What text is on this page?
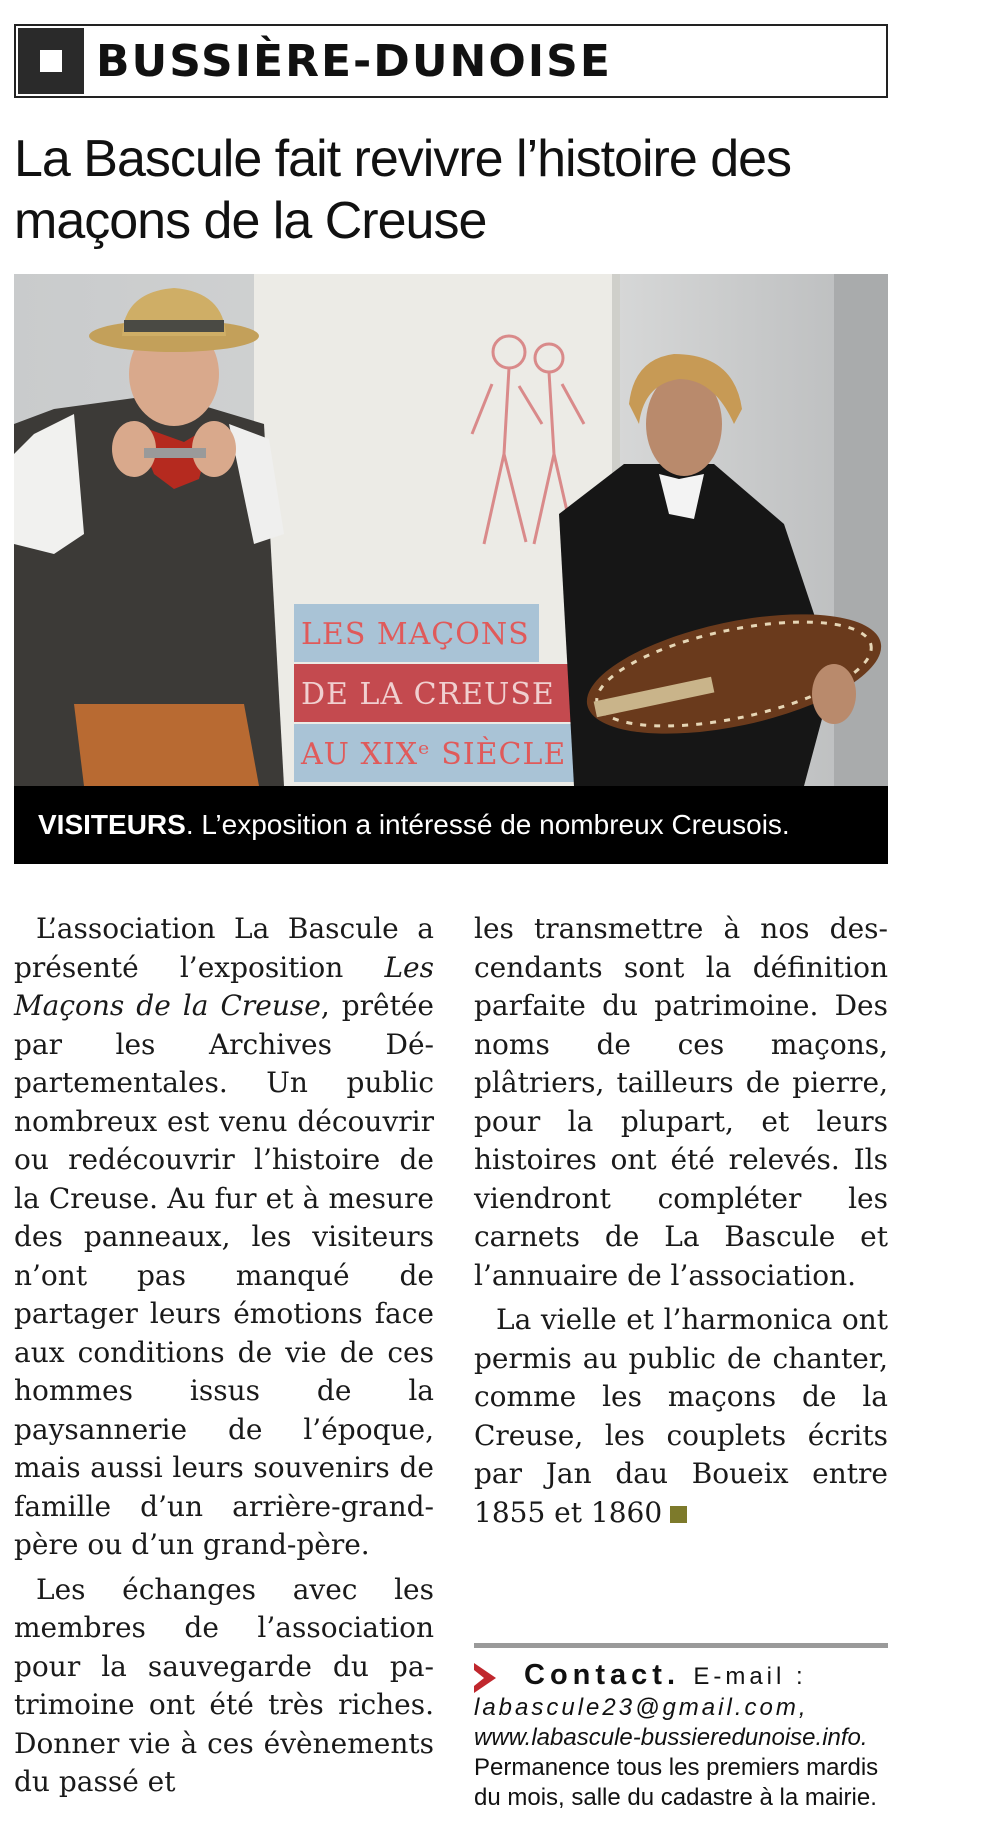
BUSSIÈRE-DUNOISE
La Bascule fait revivre l’histoire des
maçons de la Creuse
LES MAÇONS
DE LA CREUSE
AU XIXᵉ SIÈCLE
VISITEURS. L’exposition a intéressé de nombreux Creusois.

L’association La Bascule a présenté l’exposition Les Maçons de la Creuse, prêtée par les Archives Départementales. Un public nombreux est venu découvrir ou redécouvrir l’histoire de la Creuse. Au fur et à mesure des panneaux, les visiteurs n’ont pas manqué de partager leurs émotions face aux conditions de vie de ces hommes issus de la paysannerie de l’époque, mais aussi leurs souvenirs de famille d’un arrière-grand-père ou d’un grand-père.

Les échanges avec les membres de l’association pour la sauvegarde du patrimoine ont été très riches. Donner vie à ces évènements du passé et

les transmettre à nos descendants sont la définition parfaite du patrimoine. Des noms de ces maçons, plâtriers, tailleurs de pierre, pour la plupart, et leurs histoires ont été relevés. Ils viendront compléter les carnets de La Bascule et l’annuaire de l’association.

La vielle et l’harmonica ont permis au public de chanter, comme les maçons de la Creuse, les couplets écrits par Jan dau Boueix entre 1855 et 1860

Contact. E-mail :
labascule23@gmail.com,
www.labascule-bussieredunoise.info.
Permanence tous les premiers mardis
du mois, salle du cadastre à la mairie.
